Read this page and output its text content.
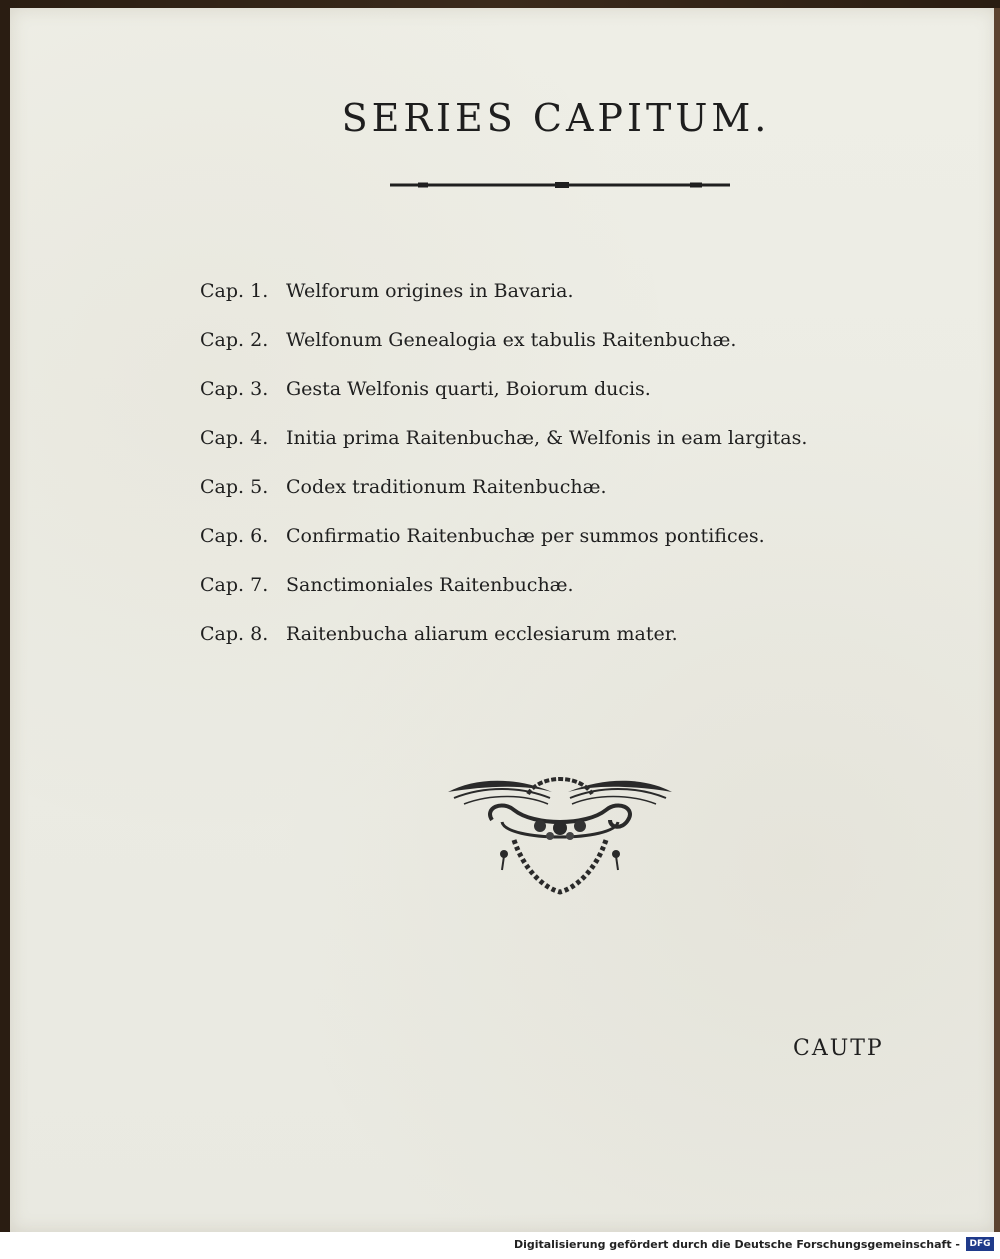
SERIES CAPITUM.
Cap. 1. Welforum origines in Bavaria.
Cap. 2. Welfonum Genealogia ex tabulis Raitenbuchæ.
Cap. 3. Gesta Welfonis quarti, Boiorum ducis.
Cap. 4. Initia prima Raitenbuchæ, & Welfonis in eam largitas.
Cap. 5. Codex traditionum Raitenbuchæ.
Cap. 6. Confirmatio Raitenbuchæ per summos pontifices.
Cap. 7. Sanctimoniales Raitenbuchæ.
Cap. 8. Raitenbucha aliarum ecclesiarum mater.
CAUTP
Digitalisierung gefördert durch die Deutsche Forschungsgemeinschaft -	DFG
